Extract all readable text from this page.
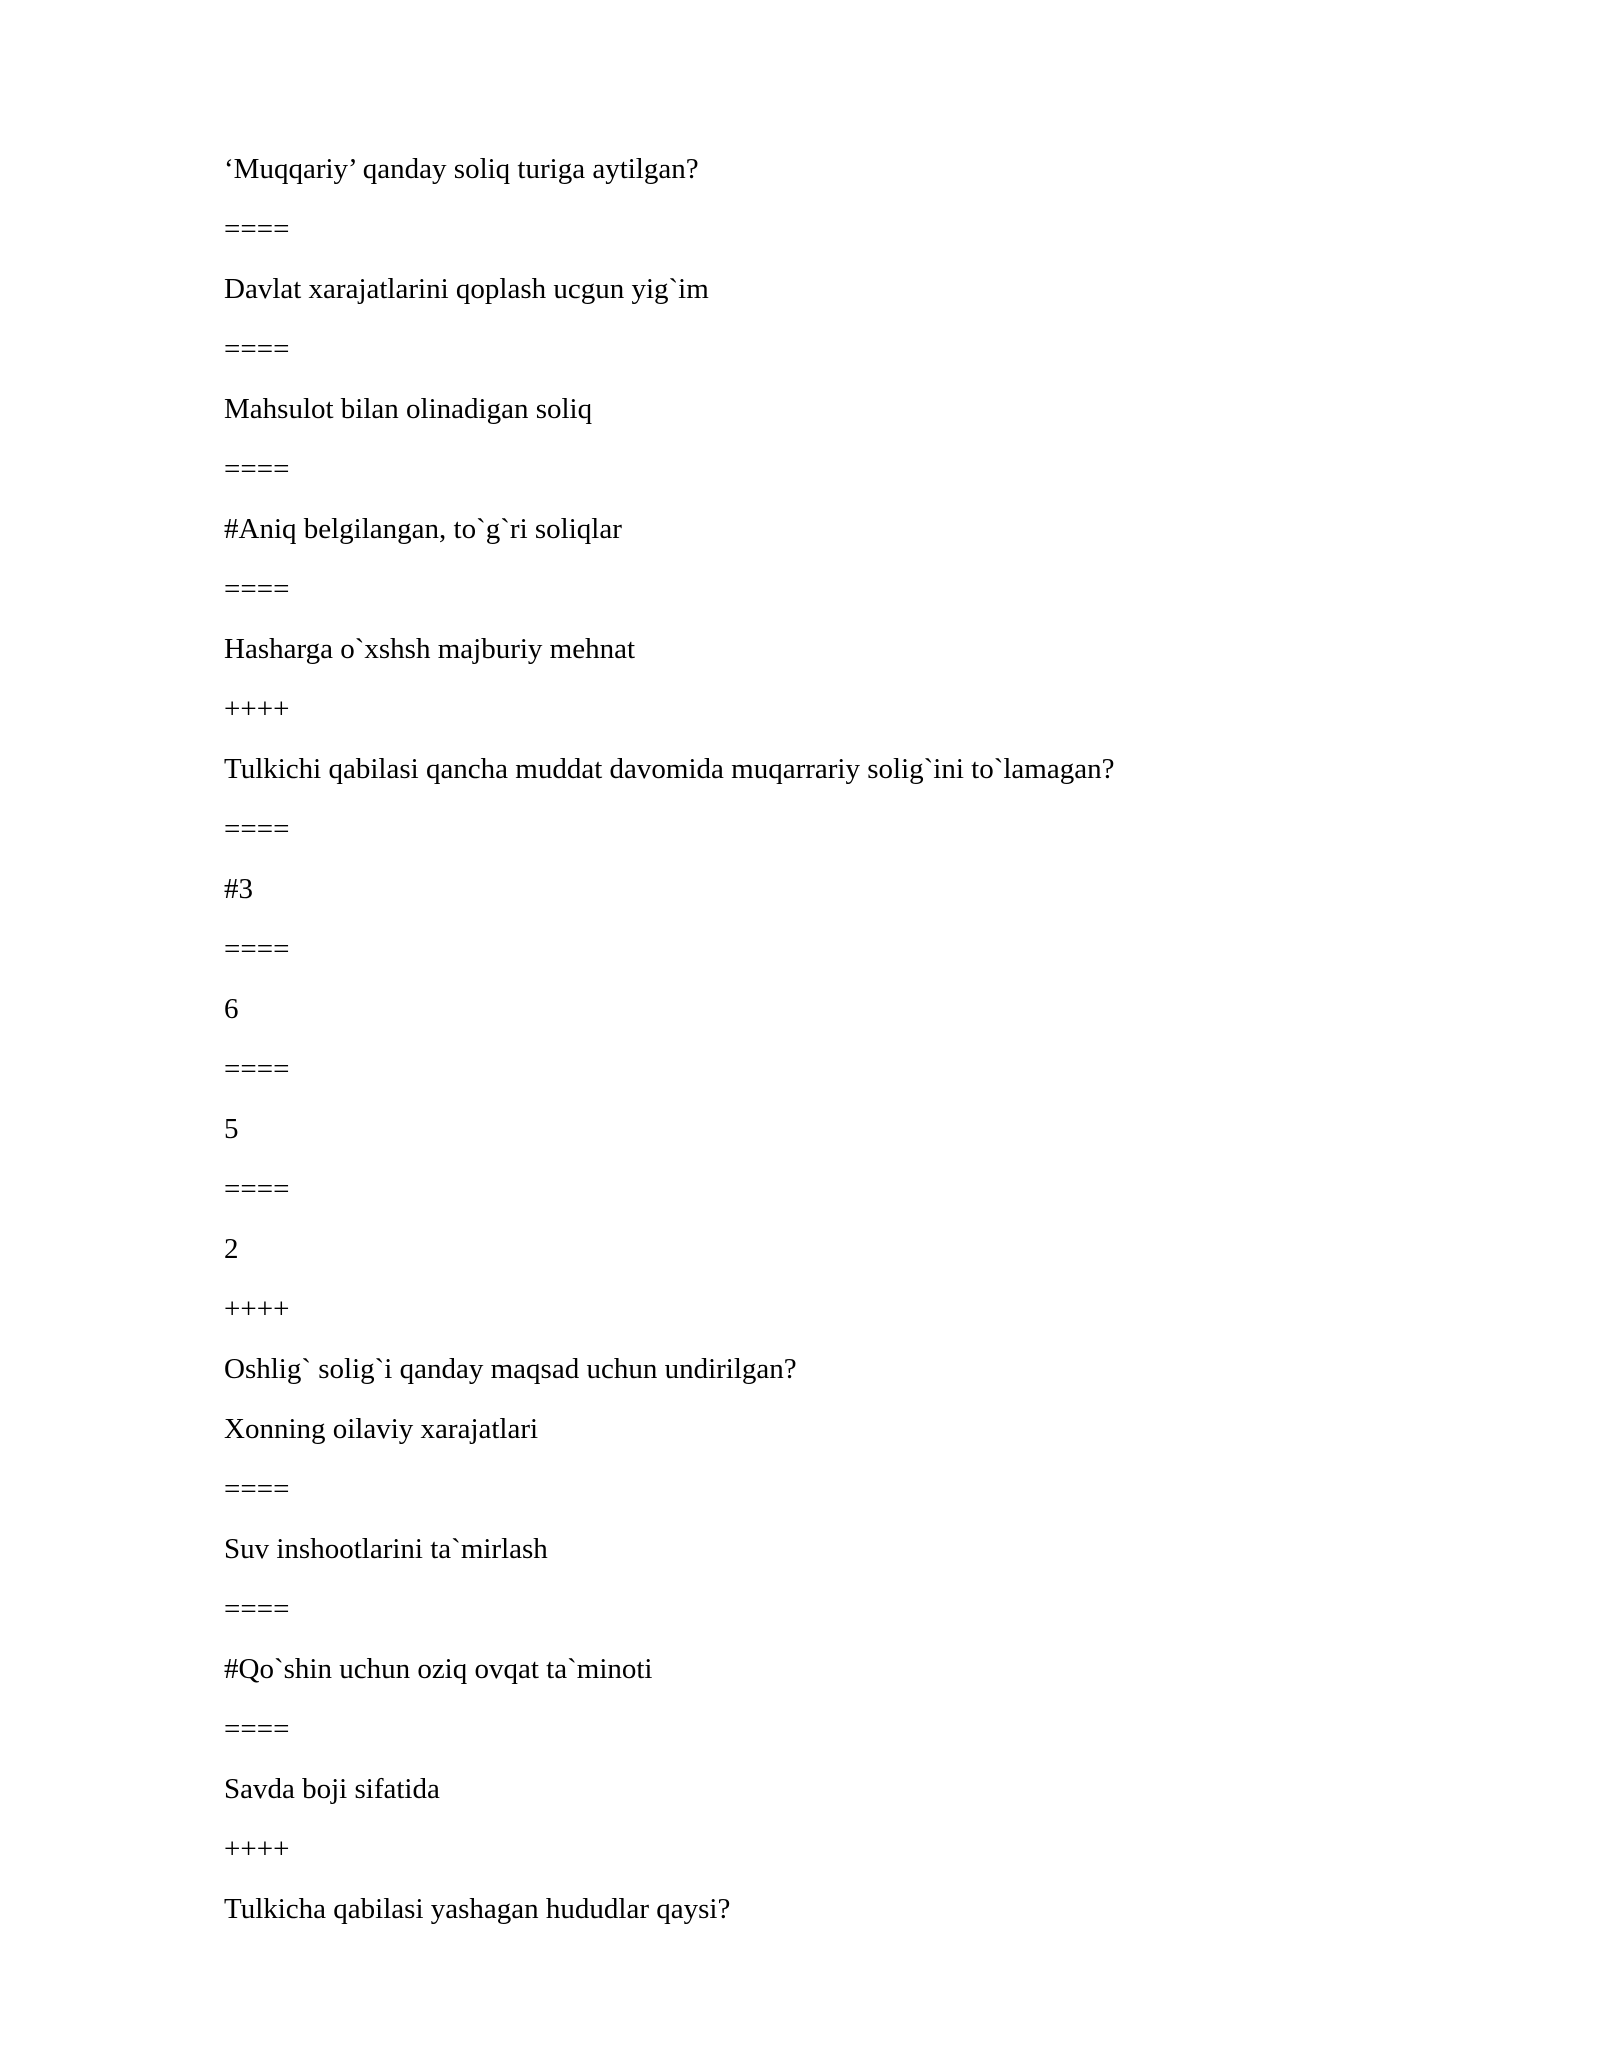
‘Muqqariy’ qanday soliq turiga aytilgan?
====
Davlat xarajatlarini qoplash ucgun yig`im
====
Mahsulot bilan olinadigan soliq
====
#Aniq belgilangan, to`g`ri soliqlar
====
Hasharga o`xshsh majburiy mehnat
++++
Tulkichi qabilasi qancha muddat davomida muqarrariy solig`ini to`lamagan?
====
#3
====
6
====
5
====
2
++++
Oshlig` solig`i qanday maqsad uchun undirilgan?
Xonning oilaviy xarajatlari
====
Suv inshootlarini ta`mirlash
====
#Qo`shin uchun oziq ovqat ta`minoti
====
Savda boji sifatida
++++
Tulkicha qabilasi yashagan hududlar qaysi?
